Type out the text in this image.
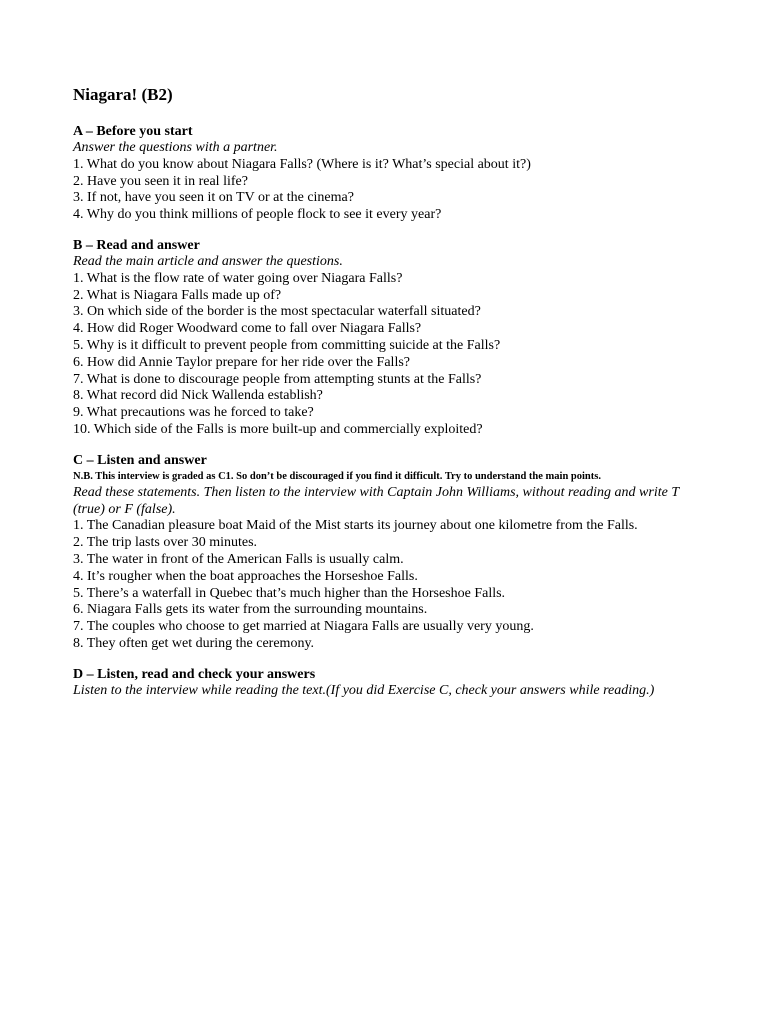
Niagara! (B2)
A – Before you start
Answer the questions with a partner.
1. What do you know about Niagara Falls? (Where is it? What’s special about it?)
2. Have you seen it in real life?
3. If not, have you seen it on TV or at the cinema?
4. Why do you think millions of people flock to see it every year?
B – Read and answer
Read the main article and answer the questions.
1. What is the flow rate of water going over Niagara Falls?
2. What is Niagara Falls made up of?
3. On which side of the border is the most spectacular waterfall situated?
4. How did Roger Woodward come to fall over Niagara Falls?
5. Why is it difficult to prevent people from committing suicide at the Falls?
6. How did Annie Taylor prepare for her ride over the Falls?
7. What is done to discourage people from attempting stunts at the Falls?
8. What record did Nick Wallenda establish?
9. What precautions was he forced to take?
10. Which side of the Falls is more built-up and commercially exploited?
C – Listen and answer
N.B. This interview is graded as C1. So don’t be discouraged if you find it difficult. Try to understand the main points.
Read these statements. Then listen to the interview with Captain John Williams, without reading and write T (true) or F (false).
1. The Canadian pleasure boat Maid of the Mist starts its journey about one kilometre from the Falls.
2. The trip lasts over 30 minutes.
3. The water in front of the American Falls is usually calm.
4. It’s rougher when the boat approaches the Horseshoe Falls.
5. There’s a waterfall in Quebec that’s much higher than the Horseshoe Falls.
6. Niagara Falls gets its water from the surrounding mountains.
7. The couples who choose to get married at Niagara Falls are usually very young.
8. They often get wet during the ceremony.
D – Listen, read and check your answers
Listen to the interview while reading the text.(If you did Exercise C, check your answers while reading.)
